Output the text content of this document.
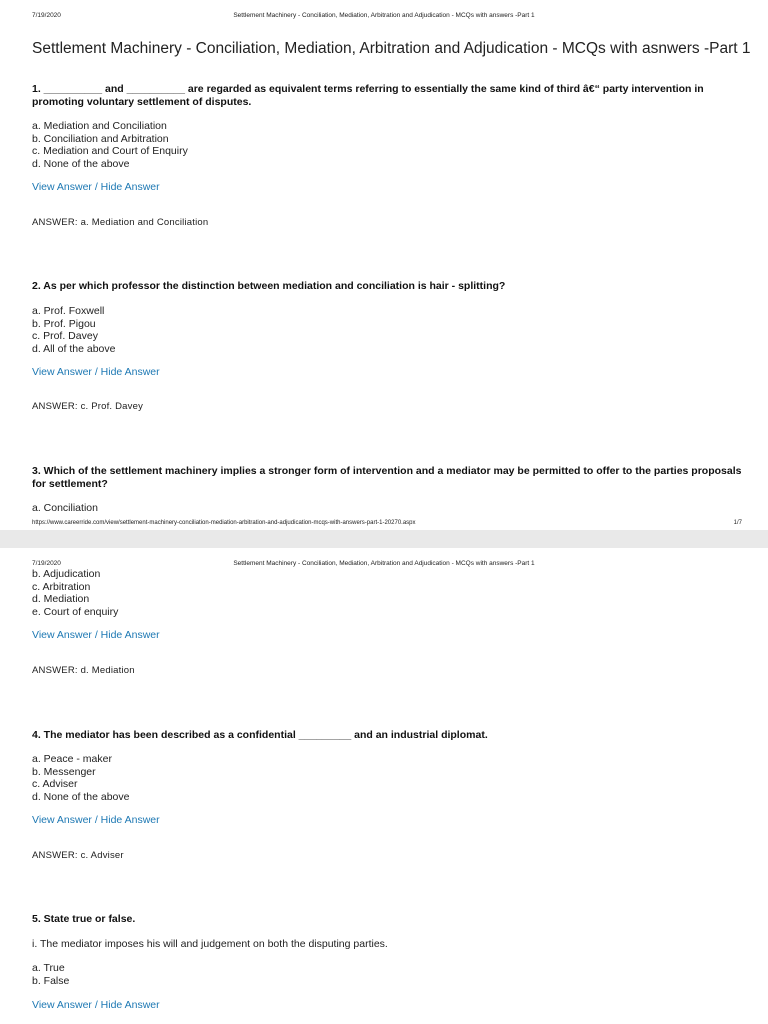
7/19/2020	Settlement Machinery - Conciliation, Mediation, Arbitration and Adjudication - MCQs with answers -Part 1
Settlement Machinery - Conciliation, Mediation, Arbitration and Adjudication - MCQs with asnwers -Part 1
1. __________ and __________ are regarded as equivalent terms referring to essentially the same kind of third â€“ party intervention in promoting voluntary settlement of disputes.
a. Mediation and Conciliation
b. Conciliation and Arbitration
c. Mediation and Court of Enquiry
d. None of the above
View Answer / Hide Answer
ANSWER: a. Mediation and Conciliation
2. As per which professor the distinction between mediation and conciliation is hair - splitting?
a. Prof. Foxwell
b. Prof. Pigou
c. Prof. Davey
d. All of the above
View Answer / Hide Answer
ANSWER: c. Prof. Davey
3. Which of the settlement machinery implies a stronger form of intervention and a mediator may be permitted to offer to the parties proposals for settlement?
a. Conciliation
https://www.careerride.com/view/settlement-machinery-conciliation-mediation-arbitration-and-adjudication-mcqs-with-answers-part-1-20270.aspx	1/7
7/19/2020	Settlement Machinery - Conciliation, Mediation, Arbitration and Adjudication - MCQs with answers -Part 1
b. Adjudication
c. Arbitration
d. Mediation
e. Court of enquiry
View Answer / Hide Answer
ANSWER: d. Mediation
4. The mediator has been described as a confidential _________ and an industrial diplomat.
a. Peace - maker
b. Messenger
c. Adviser
d. None of the above
View Answer / Hide Answer
ANSWER: c. Adviser
5. State true or false.
i. The mediator imposes his will and judgement on both the disputing parties.
a. True
b. False
View Answer / Hide Answer
